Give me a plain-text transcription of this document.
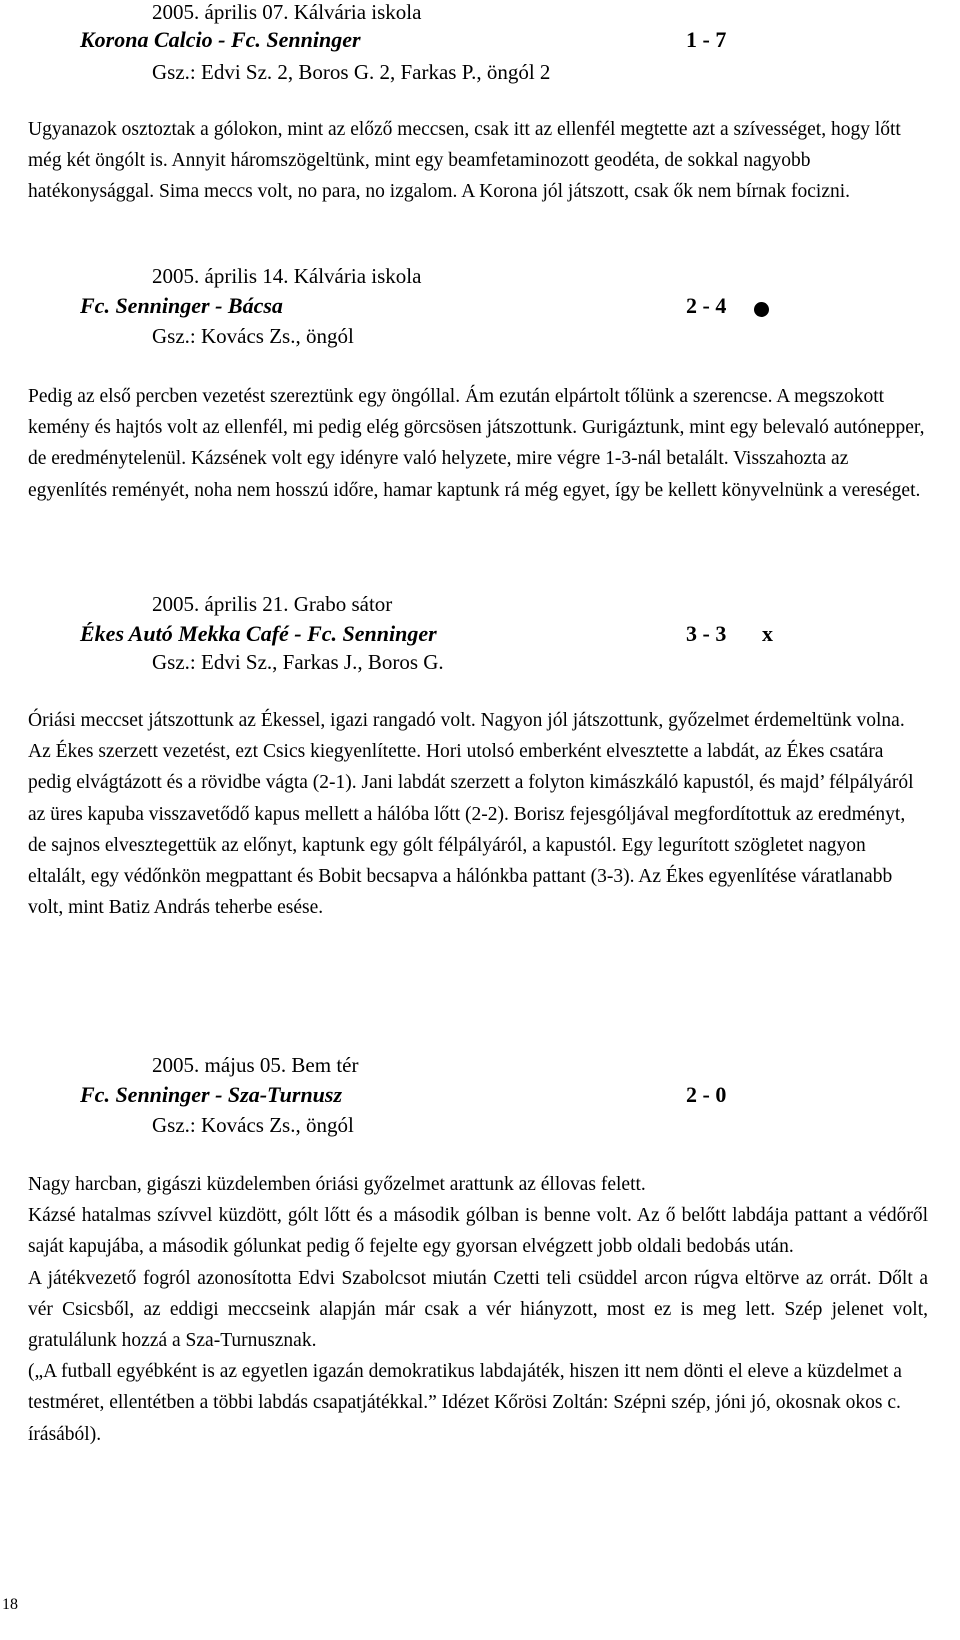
2005. április 07. Kálvária iskola
Korona Calcio - Fc. Senninger	1 - 7
Gsz.: Edvi Sz. 2, Boros G. 2, Farkas P., öngól 2

Ugyanazok osztoztak a gólokon, mint az előző meccsen, csak itt az ellenfél megtette azt a szívességet, hogy lőtt még két öngólt is. Annyit háromszögeltünk, mint egy beamfetaminozott geodéta, de sokkal nagyobb hatékonysággal. Sima meccs volt, no para, no izgalom. A Korona jól játszott, csak ők nem bírnak focizni.

2005. április 14. Kálvária iskola
Fc. Senninger - Bácsa	2 - 4
Gsz.: Kovács Zs., öngól

Pedig az első percben vezetést szereztünk egy öngóllal. Ám ezután elpártolt tőlünk a szerencse. A megszokott kemény és hajtós volt az ellenfél, mi pedig elég görcsösen játszottunk. Gurigáztunk, mint egy belevaló autónepper, de eredménytelenül. Kázsének volt egy idényre való helyzete, mire végre 1-3-nál betalált. Visszahozta az egyenlítés reményét, noha nem hosszú időre, hamar kaptunk rá még egyet, így be kellett könyvelnünk a vereséget.

2005. április 21. Grabo sátor
Ékes Autó Mekka Café - Fc. Senninger	3 - 3 x
Gsz.: Edvi Sz., Farkas J., Boros G.

Óriási meccset játszottunk az Ékessel, igazi rangadó volt. Nagyon jól játszottunk, győzelmet érdemeltünk volna.

Az Ékes szerzett vezetést, ezt Csics kiegyenlítette. Hori utolsó emberként elvesztette a labdát, az Ékes csatára pedig elvágtázott és a rövidbe vágta (2-1). Jani labdát szerzett a folyton kimászkáló kapustól, és majd’ félpályáról az üres kapuba visszavetődő kapus mellett a hálóba lőtt (2-2). Borisz fejesgóljával megfordítottuk az eredményt, de sajnos elvesztegettük az előnyt, kaptunk egy gólt félpályáról, a kapustól. Egy legurított szögletet nagyon eltalált, egy védőnkön megpattant és Bobit becsapva a hálónkba pattant (3-3). Az Ékes egyenlítése váratlanabb volt, mint Batiz András teherbe esése.

2005. május 05. Bem tér
Fc. Senninger - Sza-Turnusz	2 - 0
Gsz.: Kovács Zs., öngól

Nagy harcban, gigászi küzdelemben óriási győzelmet arattunk az éllovas felett.

Kázsé hatalmas szívvel küzdött, gólt lőtt és a második gólban is benne volt. Az ő belőtt labdája pattant a védőről saját kapujába, a második gólunkat pedig ő fejelte egy gyorsan elvégzett jobb oldali bedobás után.

A játékvezető fogról azonosította Edvi Szabolcsot miután Czetti teli csüddel arcon rúgva eltörve az orrát. Dőlt a vér Csicsből, az eddigi meccseink alapján már csak a vér hiányzott, most ez is meg lett. Szép jelenet volt, gratulálunk hozzá a Sza-Turnusznak.

(„A futball egyébként is az egyetlen igazán demokratikus labdajáték, hiszen itt nem dönti el eleve a küzdelmet a testméret, ellentétben a többi labdás csapatjátékkal.” Idézet Kőrösi Zoltán: Szépni szép, jóni jó, okosnak okos c. írásából).

18
